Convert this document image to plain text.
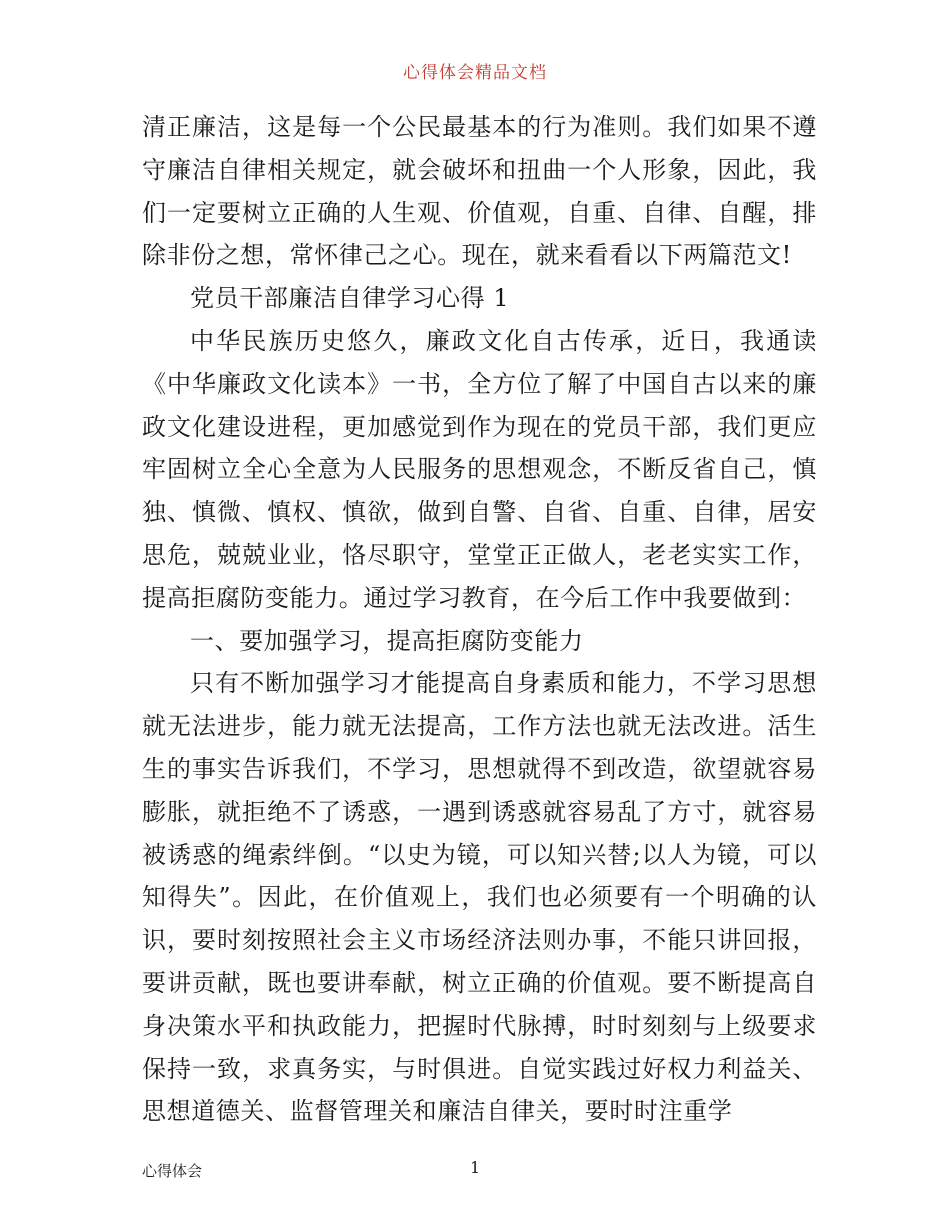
心得体会精品文档

清正廉洁，这是每一个公民最基本的行为准则。我们如果不遵守廉洁自律相关规定，就会破坏和扭曲一个人形象，因此，我们一定要树立正确的人生观、价值观，自重、自律、自醒，排除非份之想，常怀律己之心。现在，就来看看以下两篇范文!

党员干部廉洁自律学习心得 1

中华民族历史悠久，廉政文化自古传承，近日，我通读《中华廉政文化读本》一书，全方位了解了中国自古以来的廉政文化建设进程，更加感觉到作为现在的党员干部，我们更应牢固树立全心全意为人民服务的思想观念，不断反省自己，慎独、慎微、慎权、慎欲，做到自警、自省、自重、自律，居安思危，兢兢业业，恪尽职守，堂堂正正做人，老老实实工作，提高拒腐防变能力。通过学习教育，在今后工作中我要做到：

一、要加强学习，提高拒腐防变能力

只有不断加强学习才能提高自身素质和能力，不学习思想就无法进步，能力就无法提高，工作方法也就无法改进。活生生的事实告诉我们，不学习，思想就得不到改造，欲望就容易膨胀，就拒绝不了诱惑，一遇到诱惑就容易乱了方寸，就容易被诱惑的绳索绊倒。“以史为镜，可以知兴替;以人为镜，可以知得失”。因此，在价值观上，我们也必须要有一个明确的认识，要时刻按照社会主义市场经济法则办事，不能只讲回报，要讲贡献，既也要讲奉献，树立正确的价值观。要不断提高自身决策水平和执政能力，把握时代脉搏，时时刻刻与上级要求保持一致，求真务实，与时俱进。自觉实践过好权力利益关、思想道德关、监督管理关和廉洁自律关，要时时注重学

心得体会	1
